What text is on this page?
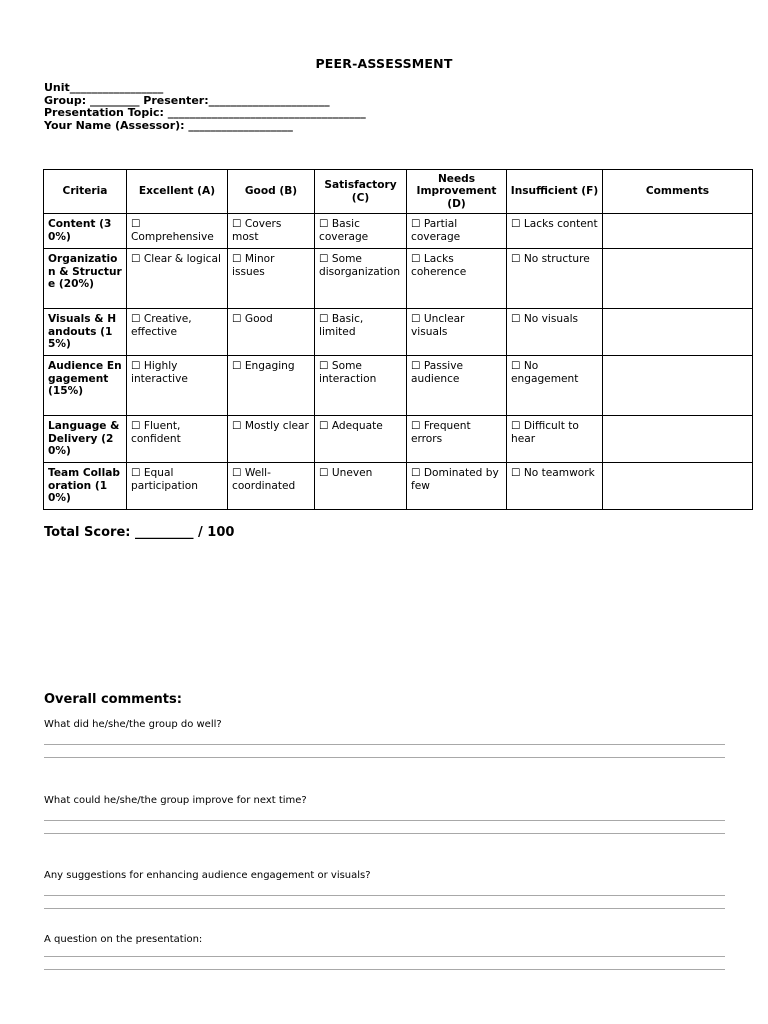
PEER-ASSESSMENT
Unit_________________
Group: _________ Presenter:______________________
Presentation Topic: ____________________________________
Your Name (Assessor): ___________________
Criteria	Excellent (A)	Good (B)	Satisfactory (C)	Needs Improvement (D)	Insufficient (F)	Comments
Content (30%)	☐ Comprehensive	☐ Covers most	☐ Basic coverage	☐ Partial coverage	☐ Lacks content	
Organization & Structure (20%)	☐ Clear & logical	☐ Minor issues	☐ Some disorganization	☐ Lacks coherence	☐ No structure	
Visuals & Handouts (15%)	☐ Creative, effective	☐ Good	☐ Basic, limited	☐ Unclear visuals	☐ No visuals	
Audience Engagement (15%)	☐ Highly interactive	☐ Engaging	☐ Some interaction	☐ Passive audience	☐ No engagement	
Language & Delivery (20%)	☐ Fluent, confident	☐ Mostly clear	☐ Adequate	☐ Frequent errors	☐ Difficult to hear	
Team Collaboration (10%)	☐ Equal participation	☐ Well-coordinated	☐ Uneven	☐ Dominated by few	☐ No teamwork	
Total Score: _________ / 100
Overall comments:
What did he/she/the group do well?
What could he/she/the group improve for next time?
Any suggestions for enhancing audience engagement or visuals?
A question on the presentation:
